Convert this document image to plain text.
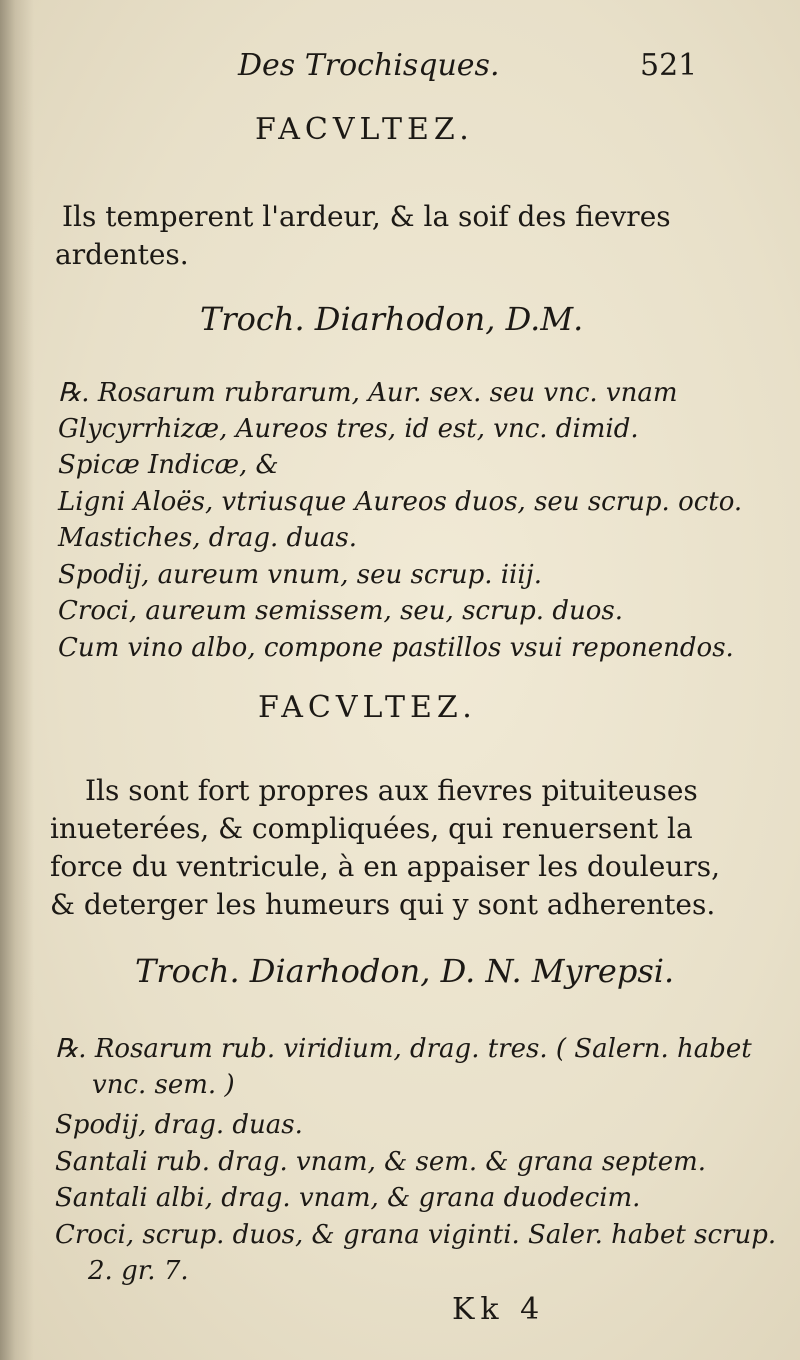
Des Trochisques.	521
FACVLTEZ.
Ils temperent l'ardeur, & la soif des fievres
ardentes.
Troch. Diarhodon, D.M.
℞. Rosarum rubrarum, Aur. sex. seu vnc. vnam
Glycyrrhizæ, Aureos tres, id est, vnc. dimid.
Spicæ Indicæ, &
Ligni Aloës, vtriusque Aureos duos, seu scrup. octo.
Mastiches, drag. duas.
Spodij, aureum vnum, seu scrup. iiij.
Croci, aureum semissem, seu, scrup. duos.
Cum vino albo, compone pastillos vsui reponendos.
FACVLTEZ.
Ils sont fort propres aux fievres pituiteuses
inueterées, & compliquées, qui renuersent la
force du ventricule, à en appaiser les douleurs,
& deterger les humeurs qui y sont adherentes.
Troch. Diarhodon, D. N. Myrepsi.
℞. Rosarum rub. viridium, drag. tres. ( Salern. habet
vnc. sem. )
Spodij, drag. duas.
Santali rub. drag. vnam, & sem. & grana septem.
Santali albi, drag. vnam, & grana duodecim.
Croci, scrup. duos, & grana viginti. Saler. habet scrup.
2. gr. 7.
Kk 4
